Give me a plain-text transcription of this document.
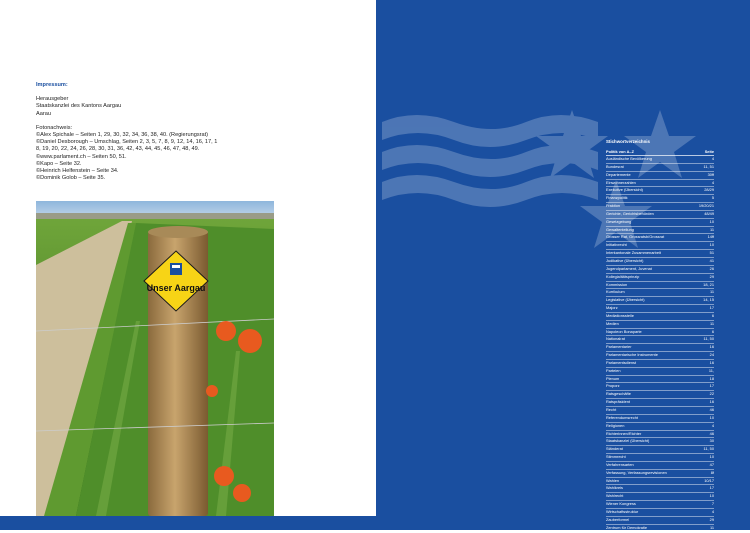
Impressum:
Herausgeber
Staatskanzlei des Kantons Aargau
Aarau
Fotonachweis:
©Alex Spichale – Seiten 1, 29, 30, 32, 34, 36, 38, 40. (Regierungsrat)
©Daniel Desborough – Umschlag, Seiten 2, 3, 5, 7, 8, 9, 12, 14, 16, 17, 1
8, 19, 20, 22, 24, 26, 28, 30, 31, 36, 42, 43, 44, 45, 46, 47, 48, 49.
©www.parlament.ch – Seiten 50, 51.
©Kapo – Seite 32.
©Heinrich Helfenstein – Seite 34.
©Dominik Golob – Seite 35.
Unser Aargau
Stichwortverzeichnis
Politik von A–Z	Seite
Ausländische Bevölkerung	4
Bundesrat	11, 51
Departemente	30ff
Einwohnerzahlen	4
Exekutive (Übersicht)	28/29
Finanzpolitik	5
Fraktion	19/20/21
Gerichte, Gerichtsbehörden	48/49
Gesetzgebung	10
Gewaltenteilung	11
Grosser Rat, Grossratsb/Grossrat	14ff
Initiativrecht	10
Interkantonale Zusammenarbeit	51
Judikative (Übersicht)	41
Jugendparlament, Juvenat	26
Kollegialitätsprinzip	29
Kommission	18, 21
Kurrikulum	11
Legislative (Übersicht)	14, 15
Majorz	17
Mediationsstelle	6
Medien	11
Napoleon Bonaparte	6
Nationalrat	11, 50
Parlamentarier	16
Parlamentarische Instrumente	24
Parlamentsdienst	16
Parteien	11,
Plenum	18
Proporz	17
Ratsgeschäfte	22
Ratspräsident	16
Recht	46
Referendumsrecht	10
Religionen	4
Richterinnen/Richter	46
Staatskanzlei (Übersicht)	30
Ständerat	11, 50
Stimmrecht	10
Verfahrensarten	47
Verfassung, Verfassungsrevisionen	8f
Wahlen	10/17
Wahlkreis	17
Wahlrecht	10
Wiener Kongress	7
Wirtschaftsstruktur	4
Zauberformel	29
Zentrum für Demokratie	11
